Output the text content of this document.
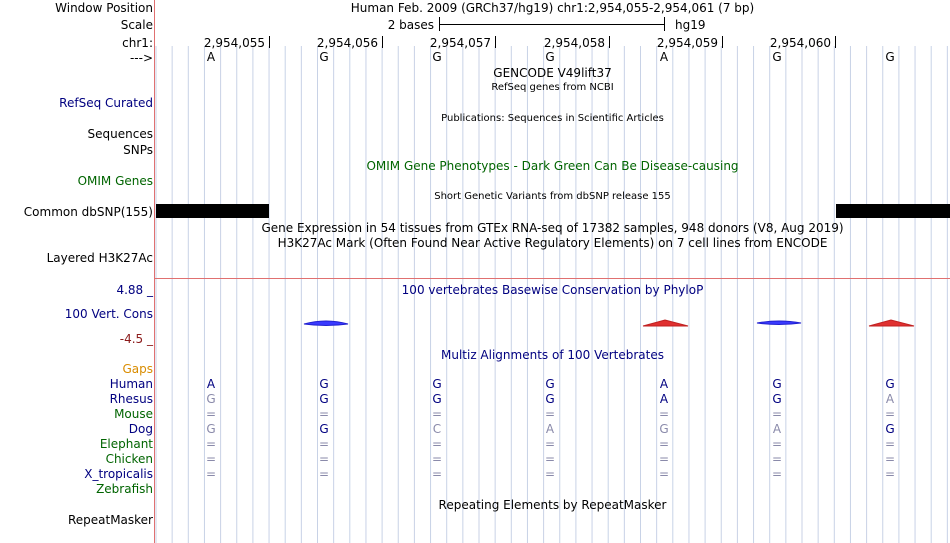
Window Position	Human Feb. 2009 (GRCh37/hg19) chr1:2,954,055-2,954,061 (7 bp)
Scale	2 bases	hg19
chr1:	2,954,055	2,954,056	2,954,057	2,954,058	2,954,059	2,954,060
--->	A	G	G	G	A	G	G
GENCODE V49lift37
RefSeq genes from NCBI
RefSeq Curated
Publications: Sequences in Scientific Articles
Sequences
SNPs
OMIM Gene Phenotypes - Dark Green Can Be Disease-causing
OMIM Genes
Short Genetic Variants from dbSNP release 155
Common dbSNP(155)
Gene Expression in 54 tissues from GTEx RNA-seq of 17382 samples, 948 donors (V8, Aug 2019)
H3K27Ac Mark (Often Found Near Active Regulatory Elements) on 7 cell lines from ENCODE
Layered H3K27Ac
4.88 _	100 vertebrates Basewise Conservation by PhyloP
100 Vert. Cons
-4.5 _
Multiz Alignments of 100 Vertebrates
Gaps
Human	A	G	G	G	A	G	G
Rhesus	G	G	G	G	A	G	A
Mouse	=	=	=	=	=	=	=
Dog	G	G	C	A	G	A	G
Elephant	=	=	=	=	=	=	=
Chicken	=	=	=	=	=	=	=
X_tropicalis	=	=	=	=	=	=	=
Zebrafish
Repeating Elements by RepeatMasker
RepeatMasker
